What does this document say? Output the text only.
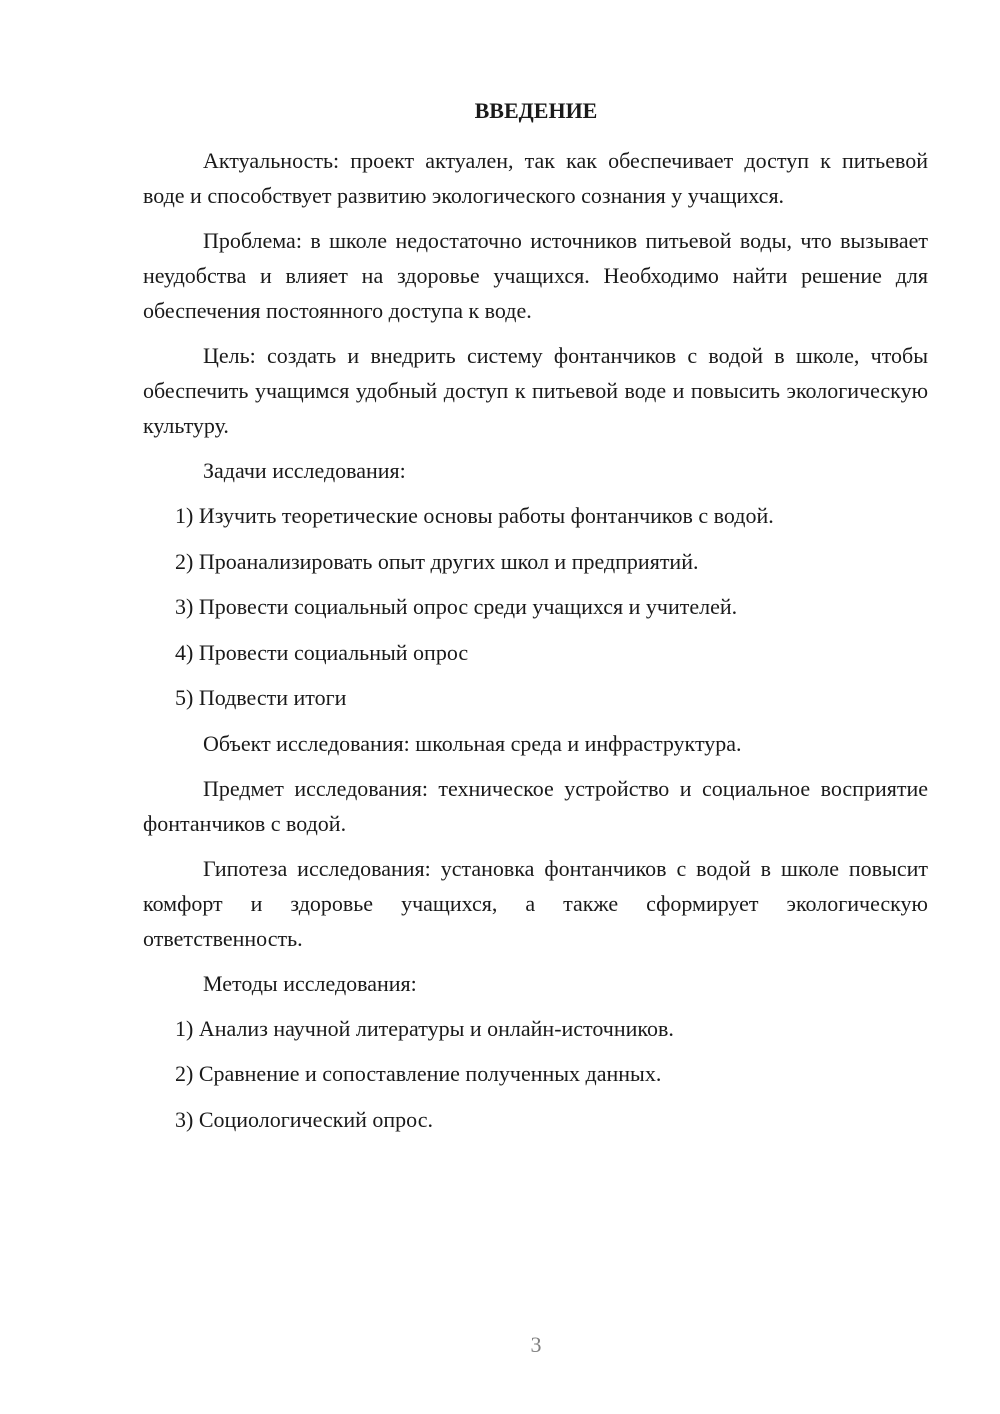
ВВЕДЕНИЕ

Актуальность: проект актуален, так как обеспечивает доступ к питьевой воде и способствует развитию экологического сознания у учащихся.

Проблема: в школе недостаточно источников питьевой воды, что вызывает неудобства и влияет на здоровье учащихся. Необходимо найти решение для обеспечения постоянного доступа к воде.

Цель: создать и внедрить систему фонтанчиков с водой в школе, чтобы обеспечить учащимся удобный доступ к питьевой воде и повысить экологическую культуру.

Задачи исследования:

1) Изучить теоретические основы работы фонтанчиков с водой.
2) Проанализировать опыт других школ и предприятий.
3) Провести социальный опрос среди учащихся и учителей.
4) Провести социальный опрос
5) Подвести итоги

Объект исследования: школьная среда и инфраструктура.

Предмет исследования: техническое устройство и социальное восприятие фонтанчиков с водой.

Гипотеза исследования: установка фонтанчиков с водой в школе повысит комфорт и здоровье учащихся, а также сформирует экологическую ответственность.

Методы исследования:

1) Анализ научной литературы и онлайн-источников.
2) Сравнение и сопоставление полученных данных.
3) Социологический опрос.
3
